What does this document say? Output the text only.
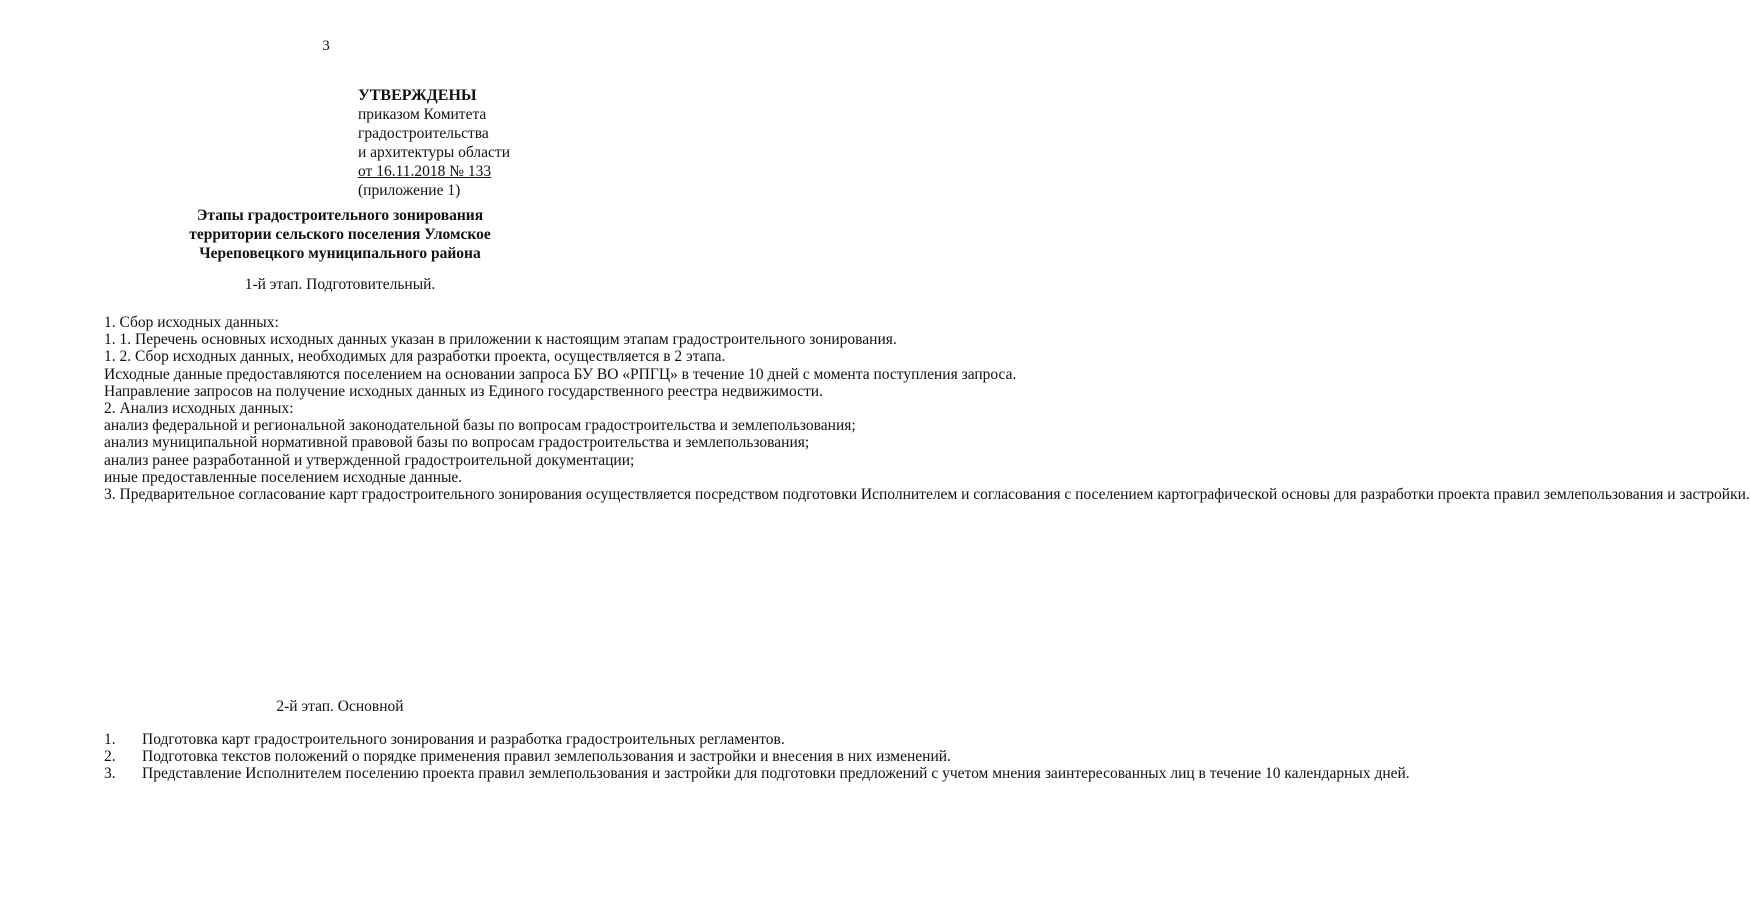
3
УТВЕРЖДЕНЫ
приказом Комитета
градостроительства
и архитектуры области
от 16.11.2018 № 133
(приложение 1)
Этапы градостроительного зонирования
территории сельского поселения Уломское
Череповецкого муниципального района
1-й этап. Подготовительный.

1. Сбор исходных данных:

1. 1. Перечень основных исходных данных указан в приложении к настоящим этапам градостроительного зонирования.

1. 2. Сбор исходных данных, необходимых для разработки проекта, осуществляется в 2 этапа.

Исходные данные предоставляются поселением на основании запроса БУ ВО «РПГЦ» в течение 10 дней с момента поступления запроса.

Направление запросов на получение исходных данных из Единого государственного реестра недвижимости.

2. Анализ исходных данных:

анализ федеральной и региональной законодательной базы по вопросам градостроительства и землепользования;

анализ муниципальной нормативной правовой базы по вопросам градостроительства и землепользования;

анализ ранее разработанной и утвержденной градостроительной документации;

иные предоставленные поселением исходные данные.

3. Предварительное согласование карт градостроительного зонирования осуществляется посредством подготовки Исполнителем и согласования с поселением картографической основы для разработки проекта правил землепользования и застройки.

2-й этап. Основной

1. Подготовка карт градостроительного зонирования и разработка градостроительных регламентов.

2. Подготовка текстов положений о порядке применения правил землепользования и застройки и внесения в них изменений.

3. Представление Исполнителем поселению проекта правил землепользования и застройки для подготовки предложений с учетом мнения заинтересованных лиц в течение 10 календарных дней.
